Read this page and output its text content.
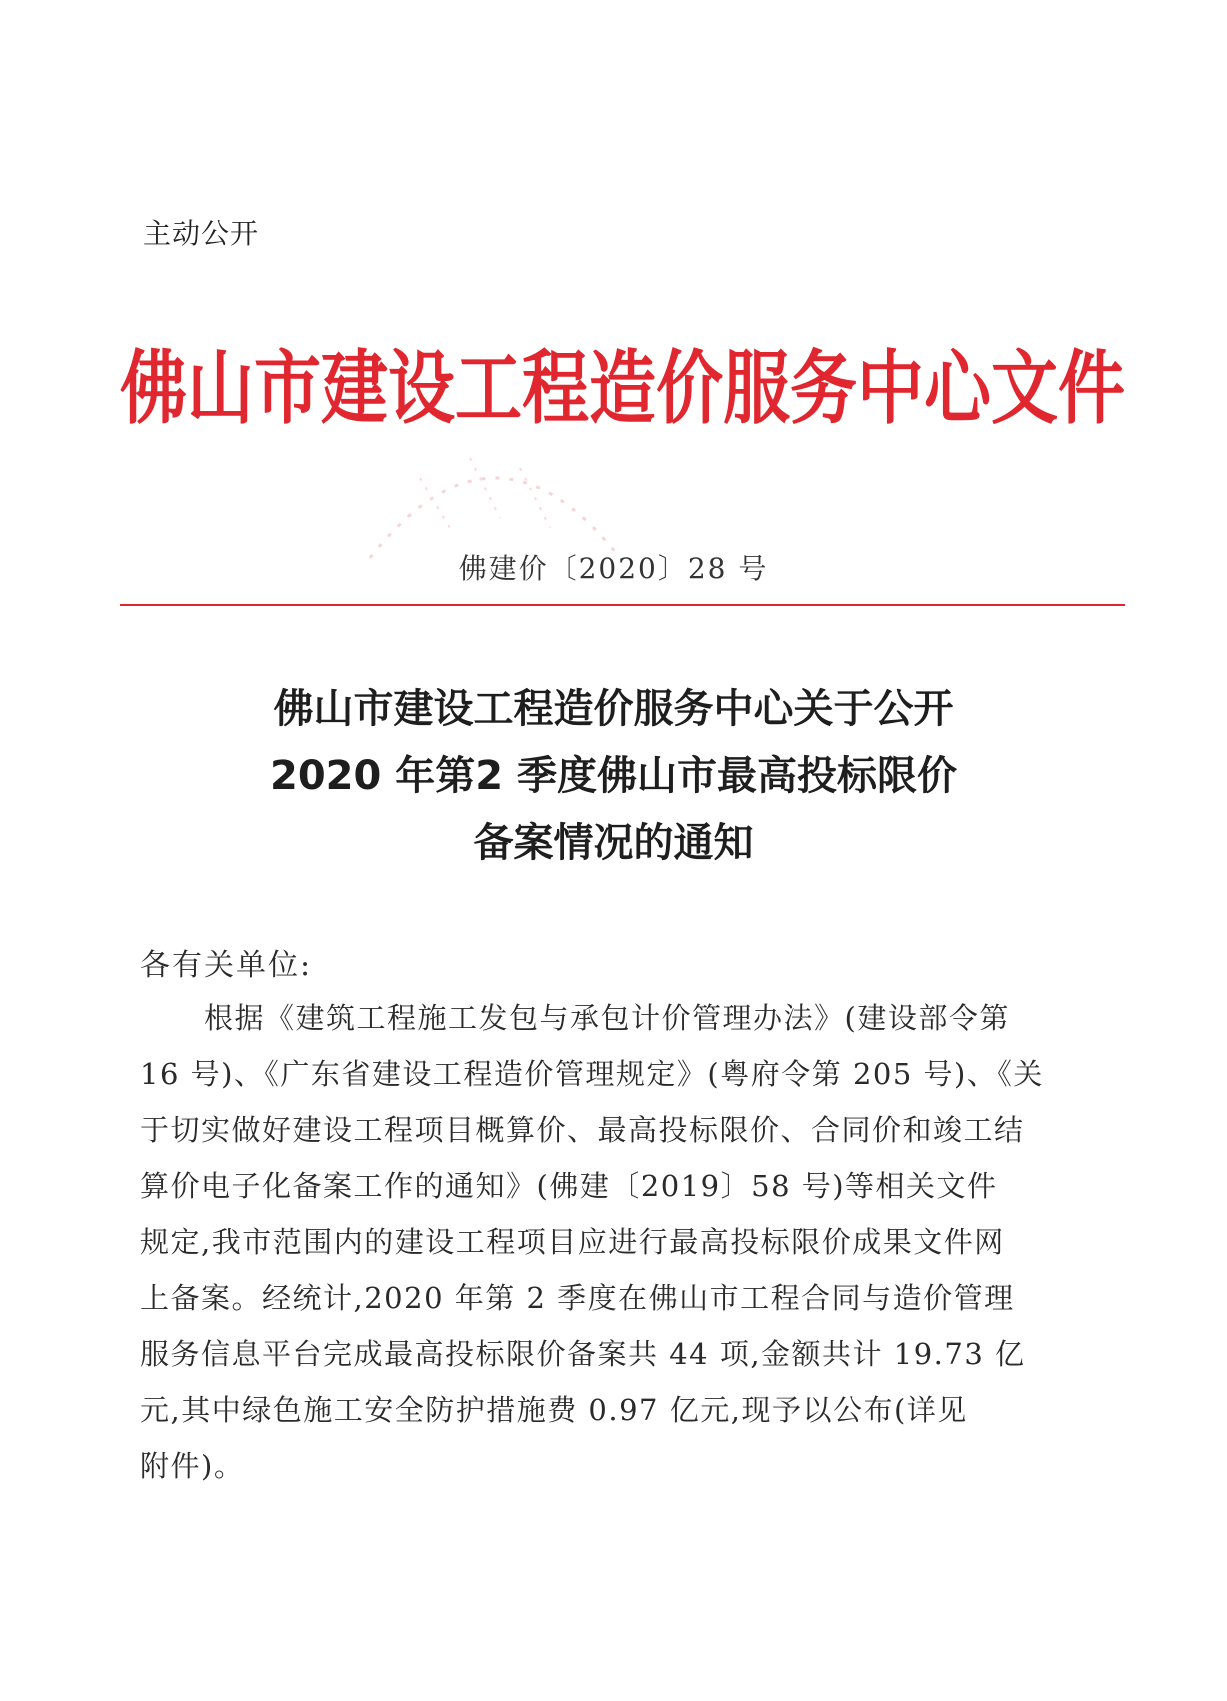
主动公开
佛山市建设工程造价服务中心文件
佛建价〔2020〕28 号
佛山市建设工程造价服务中心关于公开
2020 年第2 季度佛山市最高投标限价
备案情况的通知
各有关单位:
根据《建筑工程施工发包与承包计价管理办法》(建设部令第
16 号)、《广东省建设工程造价管理规定》(粤府令第 205 号)、《关
于切实做好建设工程项目概算价、最高投标限价、合同价和竣工结
算价电子化备案工作的通知》(佛建〔2019〕58 号)等相关文件
规定,我市范围内的建设工程项目应进行最高投标限价成果文件网
上备案。经统计,2020 年第 2 季度在佛山市工程合同与造价管理
服务信息平台完成最高投标限价备案共 44 项,金额共计 19.73 亿
元,其中绿色施工安全防护措施费 0.97 亿元,现予以公布(详见
附件)。
